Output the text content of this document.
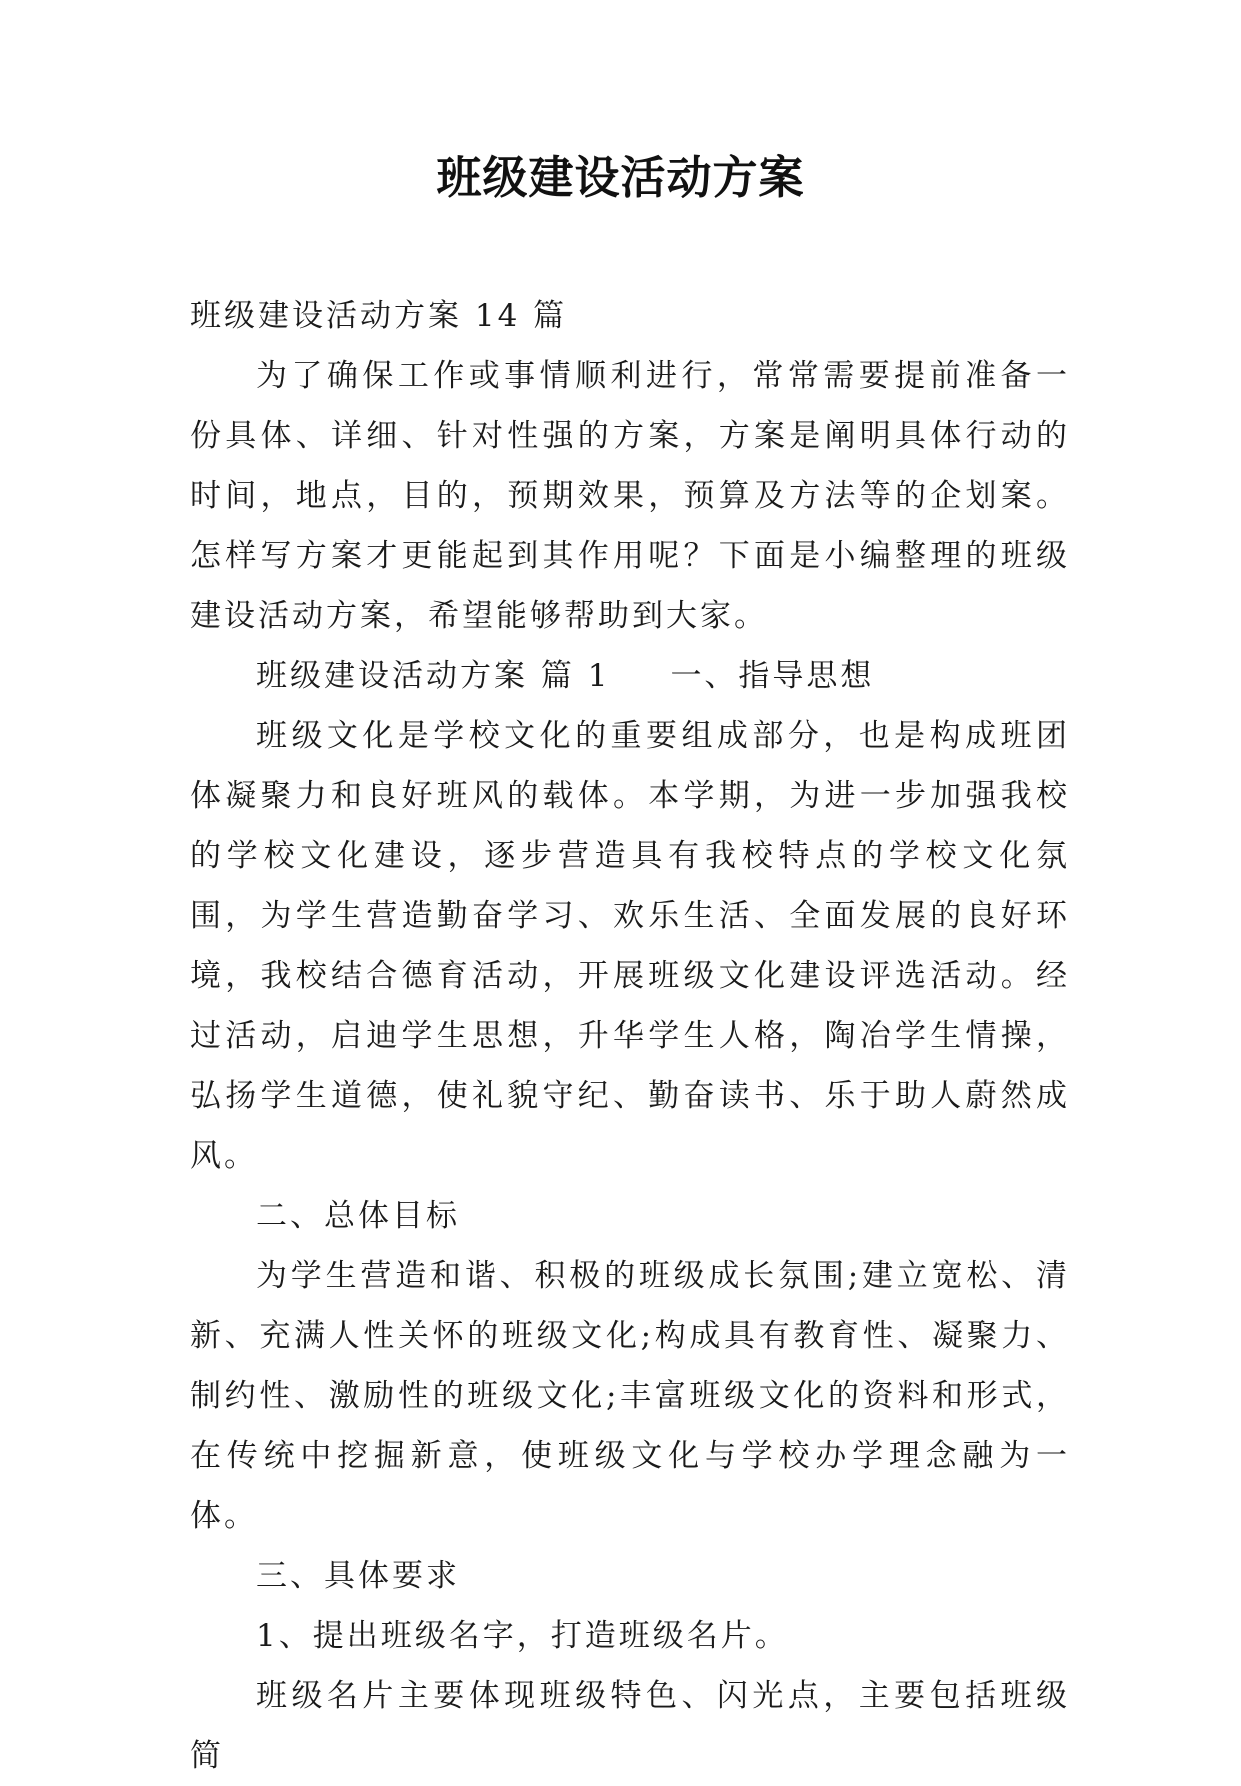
班级建设活动方案

班级建设活动方案 14 篇

为了确保工作或事情顺利进行，常常需要提前准备一份具体、详细、针对性强的方案，方案是阐明具体行动的时间，地点，目的，预期效果，预算及方法等的企划案。怎样写方案才更能起到其作用呢？下面是小编整理的班级建设活动方案，希望能够帮助到大家。

班级建设活动方案 篇 1 一、指导思想

班级文化是学校文化的重要组成部分，也是构成班团体凝聚力和良好班风的载体。本学期，为进一步加强我校的学校文化建设，逐步营造具有我校特点的学校文化氛围，为学生营造勤奋学习、欢乐生活、全面发展的良好环境，我校结合德育活动，开展班级文化建设评选活动。经过活动，启迪学生思想，升华学生人格，陶冶学生情操，弘扬学生道德，使礼貌守纪、勤奋读书、乐于助人蔚然成风。

二、总体目标

为学生营造和谐、积极的班级成长氛围;建立宽松、清新、充满人性关怀的班级文化;构成具有教育性、凝聚力、制约性、激励性的班级文化;丰富班级文化的资料和形式，在传统中挖掘新意，使班级文化与学校办学理念融为一体。

三、具体要求

1、提出班级名字，打造班级名片。

班级名片主要体现班级特色、闪光点，主要包括班级简
